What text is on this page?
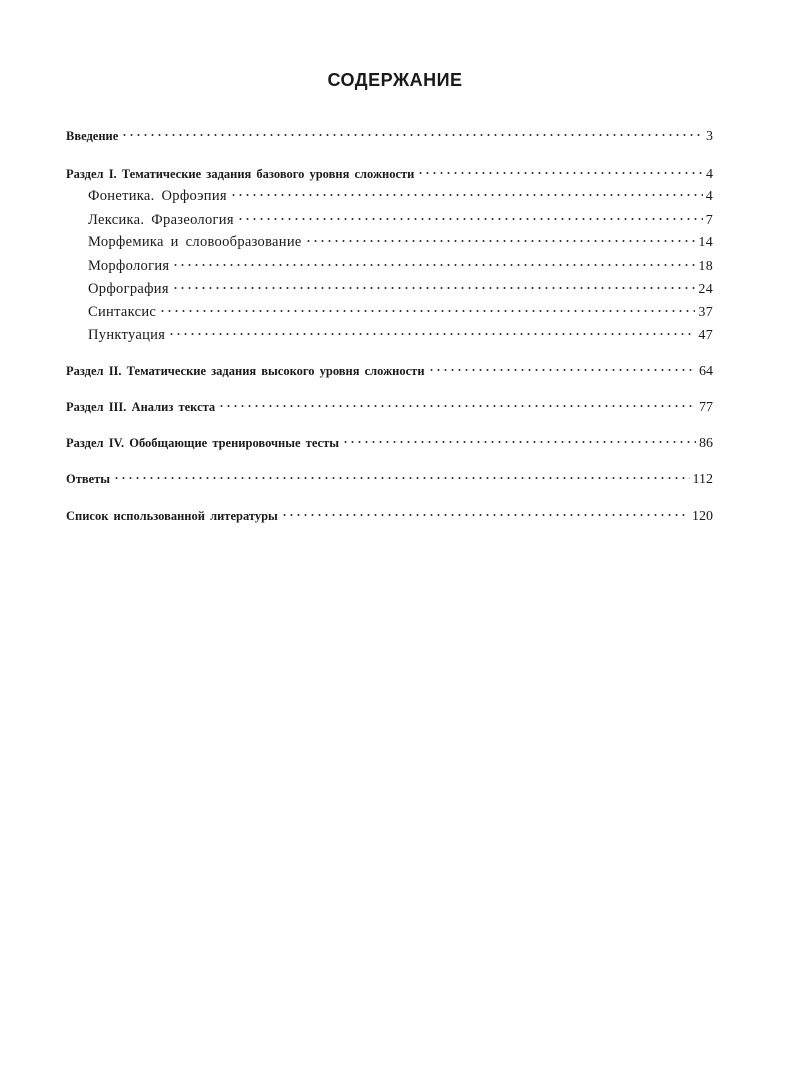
СОДЕРЖАНИЕ
Введение	3
Раздел I. Тематические задания базового уровня сложности	4
Фонетика. Орфоэпия	4
Лексика. Фразеология	7
Морфемика и словообразование	14
Морфология	18
Орфография	24
Синтаксис	37
Пунктуация	47
Раздел II. Тематические задания высокого уровня сложности	64
Раздел III. Анализ текста	77
Раздел IV. Обобщающие тренировочные тесты	86
Ответы	112
Список использованной литературы	120
